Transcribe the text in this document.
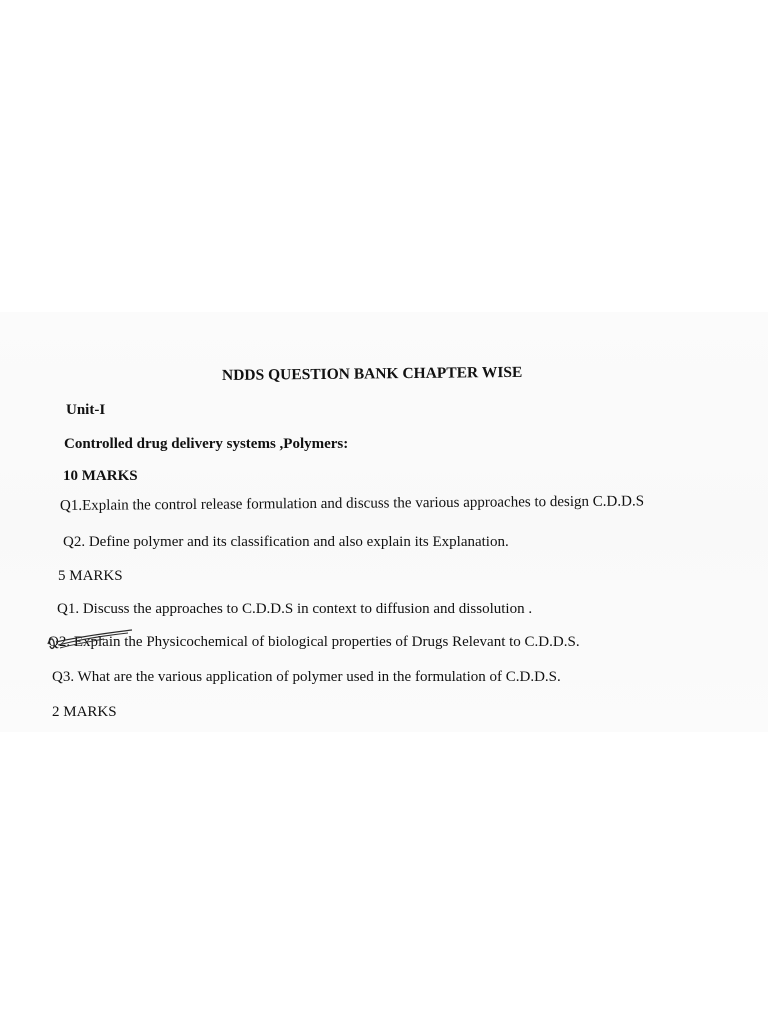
NDDS QUESTION BANK CHAPTER WISE

Unit-I

Controlled drug delivery systems ,Polymers:

10 MARKS

Q1.Explain the control release formulation and discuss the various approaches to design C.D.D.S

Q2. Define polymer and its classification and also explain its Explanation.

5 MARKS

Q1. Discuss the approaches to C.D.D.S in context to diffusion and dissolution .

Q2. Explain the Physicochemical of biological properties of Drugs Relevant to C.D.D.S.

Q3. What are the various application of polymer used in the formulation of C.D.D.S.

2 MARKS
